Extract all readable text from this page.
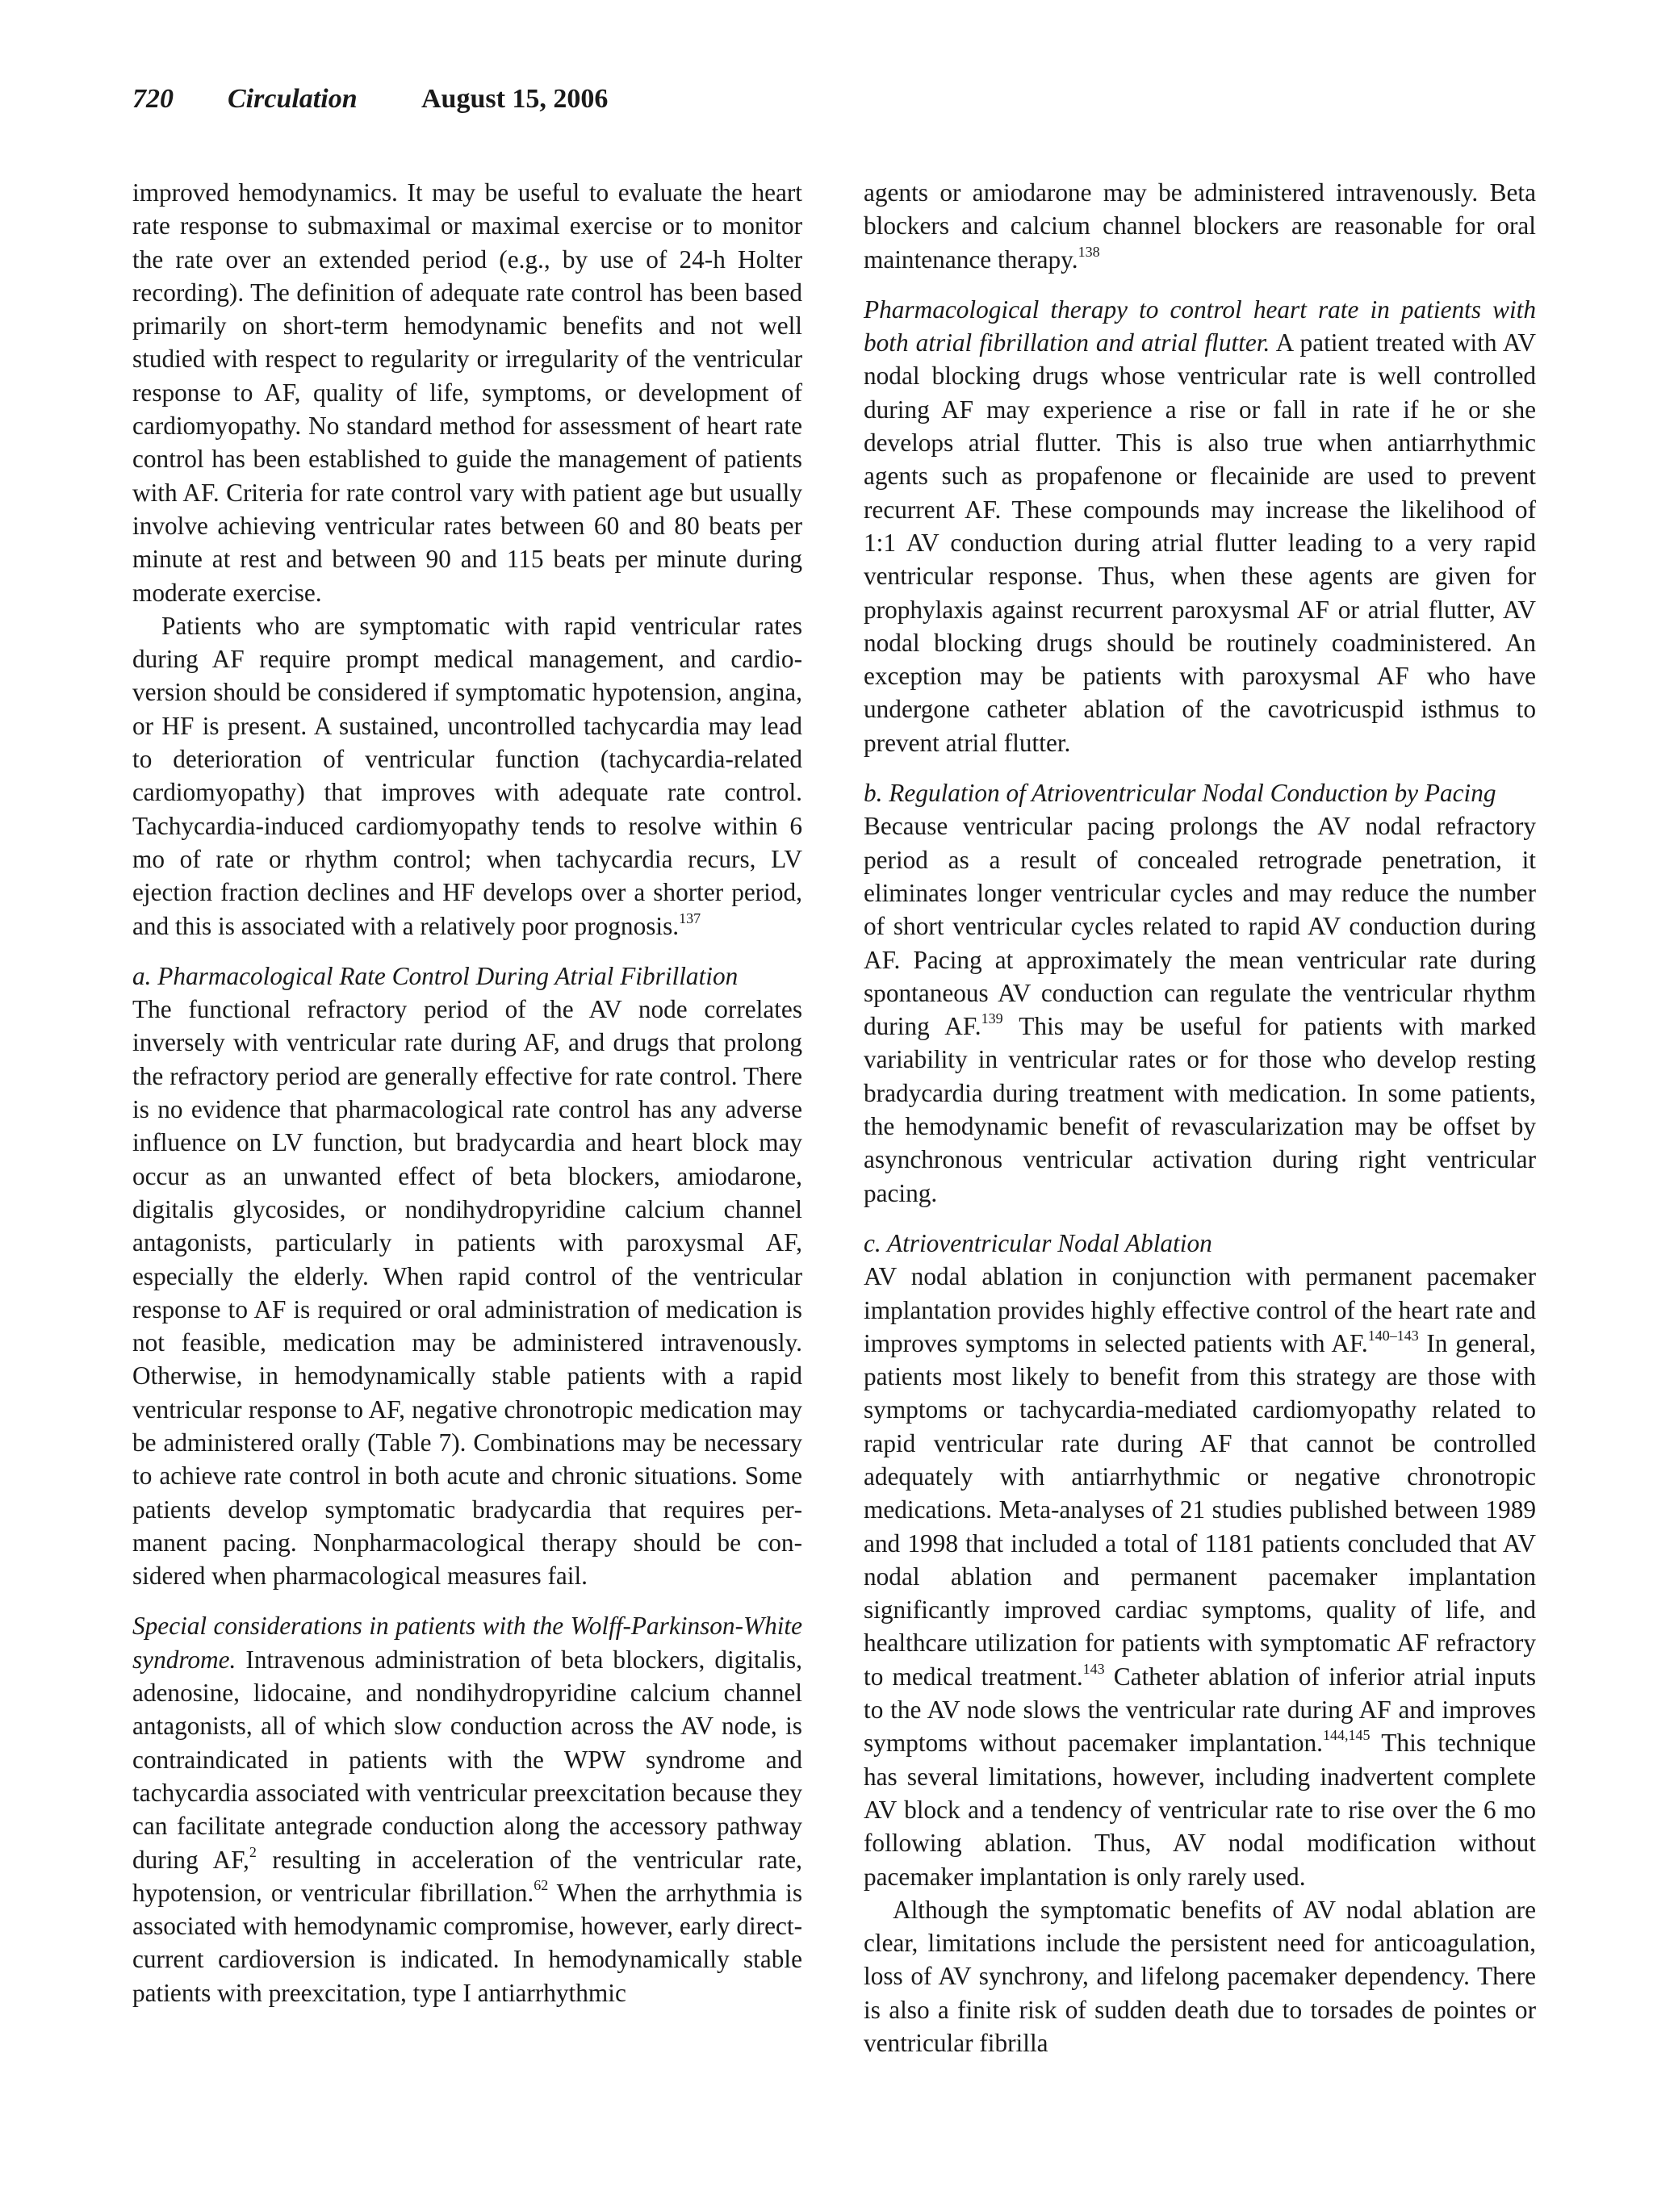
720 Circulation August 15, 2006

improved hemodynamics. It may be useful to evaluate the heart rate response to submaximal or maximal exercise or to monitor the rate over an extended period (e.g., by use of 24-h Holter recording). The definition of adequate rate control has been based primarily on short-term hemodynamic benefits and not well studied with respect to regularity or irregularity of the ventricular response to AF, quality of life, symptoms, or development of cardiomyopathy. No standard method for assessment of heart rate control has been established to guide the management of patients with AF. Criteria for rate control vary with patient age but usually involve achieving ventricular rates between 60 and 80 beats per minute at rest and between 90 and 115 beats per minute during moderate exercise.

Patients who are symptomatic with rapid ventricular rates during AF require prompt medical management, and cardioversion should be considered if symptomatic hypotension, angina, or HF is present. A sustained, uncontrolled tachycardia may lead to deterioration of ventricular function (tachycardia-related cardiomyopathy) that improves with adequate rate control. Tachycardia-induced cardiomyopathy tends to resolve within 6 mo of rate or rhythm control; when tachycardia recurs, LV ejection fraction declines and HF develops over a shorter period, and this is associated with a relatively poor prognosis.$^{137}$

a. Pharmacological Rate Control During Atrial Fibrillation

The functional refractory period of the AV node correlates inversely with ventricular rate during AF, and drugs that prolong the refractory period are generally effective for rate control. There is no evidence that pharmacological rate control has any adverse influence on LV function, but bradycardia and heart block may occur as an unwanted effect of beta blockers, amiodarone, digitalis glycosides, or nondihydropyridine calcium channel antagonists, particularly in patients with paroxysmal AF, especially the elderly. When rapid control of the ventricular response to AF is required or oral administration of medication is not feasible, medication may be administered intravenously. Otherwise, in hemodynamically stable patients with a rapid ventricular response to AF, negative chronotropic medication may be administered orally (Table 7). Combinations may be necessary to achieve rate control in both acute and chronic situations. Some patients develop symptomatic bradycardia that requires permanent pacing. Nonpharmacological therapy should be considered when pharmacological measures fail.

Special considerations in patients with the Wolff-Parkinson-White syndrome. Intravenous administration of beta blockers, digitalis, adenosine, lidocaine, and nondihydropyridine calcium channel antagonists, all of which slow conduction across the AV node, is contraindicated in patients with the WPW syndrome and tachycardia associated with ventricular preexcitation because they can facilitate antegrade conduction along the accessory pathway during AF,$^2$ resulting in acceleration of the ventricular rate, hypotension, or ventricular fibrillation.$^{62}$ When the arrhythmia is associated with hemodynamic compromise, however, early direct-current cardioversion is indicated. In hemodynamically stable patients with preexcitation, type I antiarrhythmic

agents or amiodarone may be administered intravenously. Beta blockers and calcium channel blockers are reasonable for oral maintenance therapy.$^{138}$

Pharmacological therapy to control heart rate in patients with both atrial fibrillation and atrial flutter. A patient treated with AV nodal blocking drugs whose ventricular rate is well controlled during AF may experience a rise or fall in rate if he or she develops atrial flutter. This is also true when antiarrhythmic agents such as propafenone or flecainide are used to prevent recurrent AF. These compounds may increase the likelihood of 1:1 AV conduction during atrial flutter leading to a very rapid ventricular response. Thus, when these agents are given for prophylaxis against recurrent paroxysmal AF or atrial flutter, AV nodal blocking drugs should be routinely coadministered. An exception may be patients with paroxysmal AF who have undergone catheter ablation of the cavotricuspid isthmus to prevent atrial flutter.

b. Regulation of Atrioventricular Nodal Conduction by Pacing

Because ventricular pacing prolongs the AV nodal refractory period as a result of concealed retrograde penetration, it eliminates longer ventricular cycles and may reduce the number of short ventricular cycles related to rapid AV conduction during AF. Pacing at approximately the mean ventricular rate during spontaneous AV conduction can regulate the ventricular rhythm during AF.$^{139}$ This may be useful for patients with marked variability in ventricular rates or for those who develop resting bradycardia during treatment with medication. In some patients, the hemodynamic benefit of revascularization may be offset by asynchronous ventricular activation during right ventricular pacing.

c. Atrioventricular Nodal Ablation

AV nodal ablation in conjunction with permanent pacemaker implantation provides highly effective control of the heart rate and improves symptoms in selected patients with AF.$^{140-143}$ In general, patients most likely to benefit from this strategy are those with symptoms or tachycardia-mediated cardiomyopathy related to rapid ventricular rate during AF that cannot be controlled adequately with antiarrhythmic or negative chronotropic medications. Meta-analyses of 21 studies published between 1989 and 1998 that included a total of 1181 patients concluded that AV nodal ablation and permanent pacemaker implantation significantly improved cardiac symptoms, quality of life, and healthcare utilization for patients with symptomatic AF refractory to medical treatment.$^{143}$ Catheter ablation of inferior atrial inputs to the AV node slows the ventricular rate during AF and improves symptoms without pacemaker implantation.$^{144,145}$ This technique has several limitations, however, including inadvertent complete AV block and a tendency of ventricular rate to rise over the 6 mo following ablation. Thus, AV nodal modification without pacemaker implantation is only rarely used.

Although the symptomatic benefits of AV nodal ablation are clear, limitations include the persistent need for anticoagulation, loss of AV synchrony, and lifelong pacemaker dependency. There is also a finite risk of sudden death due to torsades de pointes or ventricular fibrilla
